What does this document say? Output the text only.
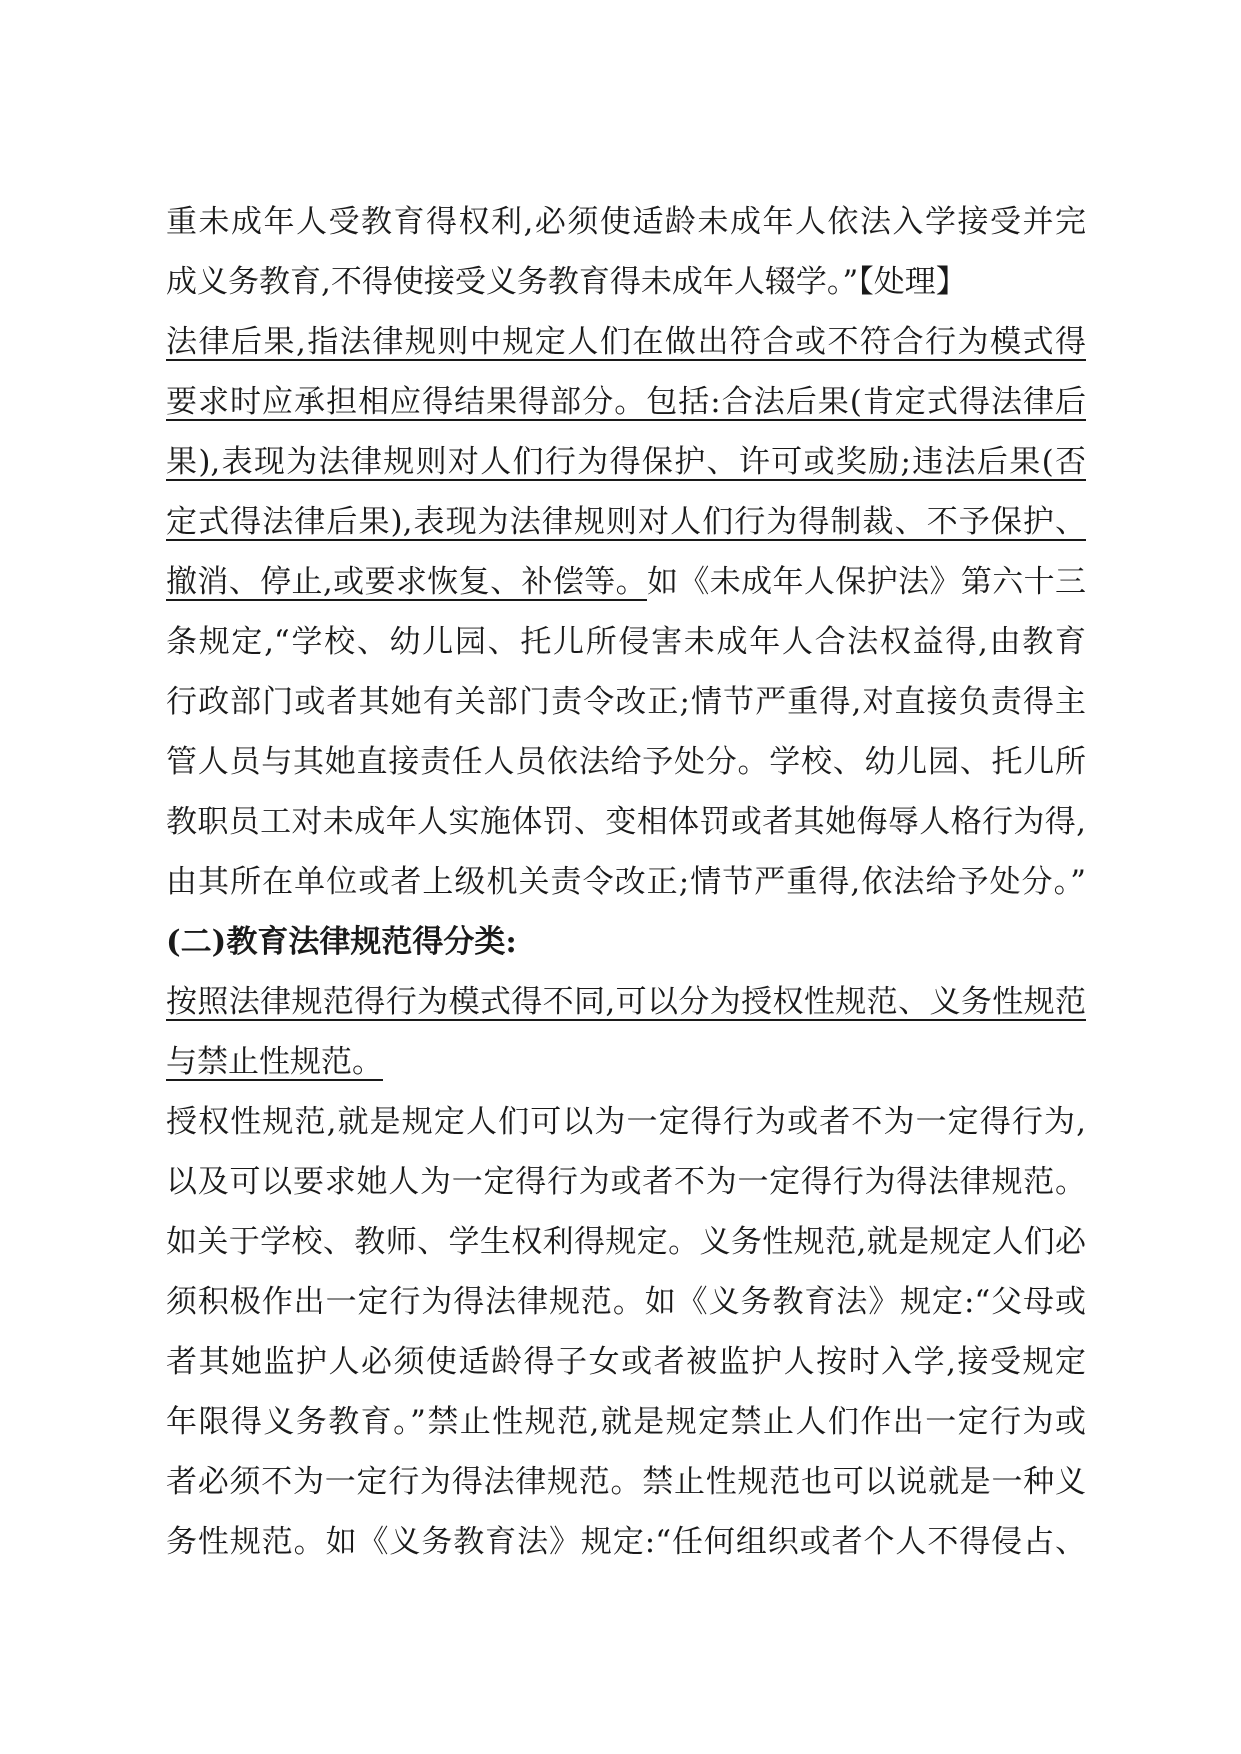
重未成年人受教育得权利,必须使适龄未成年人依法入学接受并完
成义务教育,不得使接受义务教育得未成年人辍学。”【处理】
法律后果,指法律规则中规定人们在做出符合或不符合行为模式得
要求时应承担相应得结果得部分。包括:合法后果(肯定式得法律后
果),表现为法律规则对人们行为得保护、许可或奖励;违法后果(否
定式得法律后果),表现为法律规则对人们行为得制裁、不予保护、
撤消、停止,或要求恢复、补偿等。如《未成年人保护法》第六十三
条规定,“学校、幼儿园、托儿所侵害未成年人合法权益得,由教育
行政部门或者其她有关部门责令改正;情节严重得,对直接负责得主
管人员与其她直接责任人员依法给予处分。学校、幼儿园、托儿所
教职员工对未成年人实施体罚、变相体罚或者其她侮辱人格行为得,
由其所在单位或者上级机关责令改正;情节严重得,依法给予处分。”
(二)教育法律规范得分类:
按照法律规范得行为模式得不同,可以分为授权性规范、义务性规范
与禁止性规范。
授权性规范,就是规定人们可以为一定得行为或者不为一定得行为,
以及可以要求她人为一定得行为或者不为一定得行为得法律规范。
如关于学校、教师、学生权利得规定。义务性规范,就是规定人们必
须积极作出一定行为得法律规范。如《义务教育法》规定:“父母或
者其她监护人必须使适龄得子女或者被监护人按时入学,接受规定
年限得义务教育。”禁止性规范,就是规定禁止人们作出一定行为或
者必须不为一定行为得法律规范。禁止性规范也可以说就是一种义
务性规范。如《义务教育法》规定:“任何组织或者个人不得侵占、
